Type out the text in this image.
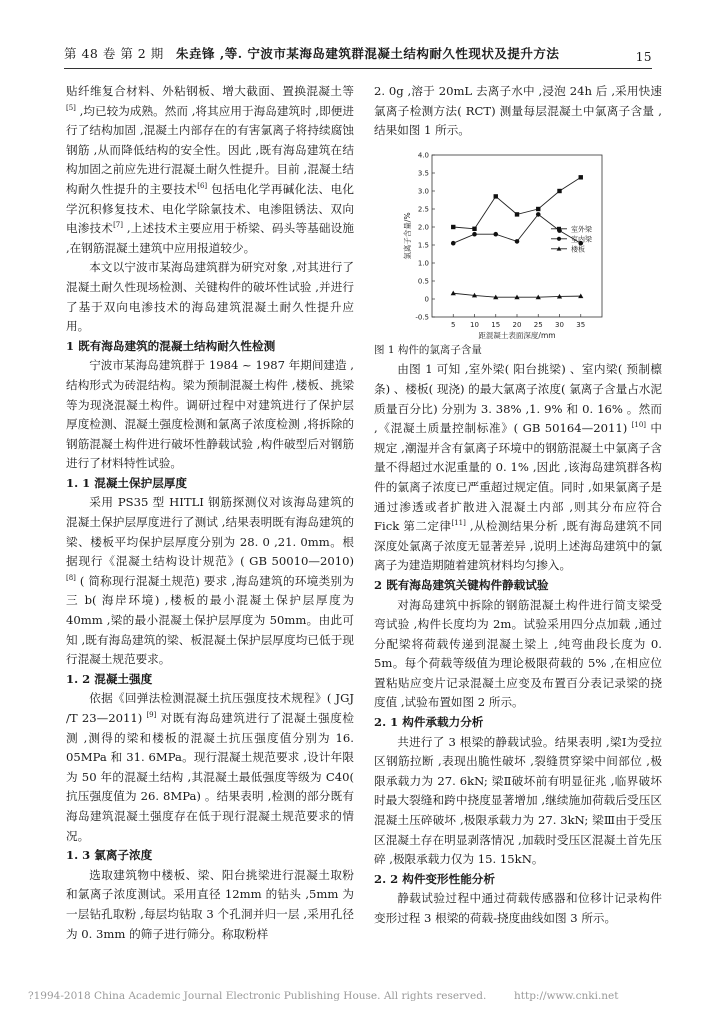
第 48 卷 第 2 期 朱垚锋 ,等. 宁波市某海岛建筑群混凝土结构耐久性现状及提升方法	15

贴纤维复合材料、外粘钢板、增大截面、置换混凝土等[5] ,均已较为成熟。然而 ,将其应用于海岛建筑时 ,即便进行了结构加固 ,混凝土内部存在的有害氯离子将持续腐蚀钢筋 ,从而降低结构的安全性。因此 ,既有海岛建筑在结构加固之前应先进行混凝土耐久性提升。目前 ,混凝土结构耐久性提升的主要技术[6] 包括电化学再碱化法、电化学沉积修复技术、电化学除氯技术、电渗阻锈法、双向电渗技术[7] ,上述技术主要应用于桥梁、码头等基础设施 ,在钢筋混凝土建筑中应用报道较少。

本文以宁波市某海岛建筑群为研究对象 ,对其进行了混凝土耐久性现场检测、关键构件的破坏性试验 ,并进行了基于双向电渗技术的海岛建筑混凝土耐久性提升应用。

1 既有海岛建筑的混凝土结构耐久性检测

宁波市某海岛建筑群于 1984 ~ 1987 年期间建造 ,结构形式为砖混结构。梁为预制混凝土构件 ,楼板、挑梁等为现浇混凝土构件。调研过程中对建筑进行了保护层厚度检测、混凝土强度检测和氯离子浓度检测 ,将拆除的钢筋混凝土构件进行破坏性静载试验 ,构件破型后对钢筋进行了材料特性试验。

1. 1 混凝土保护层厚度

采用 PS35 型 HITLI 钢筋探测仪对该海岛建筑的混凝土保护层厚度进行了测试 ,结果表明既有海岛建筑的梁、楼板平均保护层厚度分别为 28. 0 ,21. 0mm。根据现行《混凝土结构设计规范》( GB 50010—2010) [8] ( 简称现行混凝土规范) 要求 ,海岛建筑的环境类别为三 b( 海岸环境) ,楼板的最小混凝土保护层厚度为 40mm ,梁的最小混凝土保护层厚度为 50mm。由此可知 ,既有海岛建筑的梁、板混凝土保护层厚度均已低于现行混凝土规范要求。

1. 2 混凝土强度

依据《回弹法检测混凝土抗压强度技术规程》( JGJ /T 23—2011) [9] 对既有海岛建筑进行了混凝土强度检测 ,测得的梁和楼板的混凝土抗压强度值分别为 16. 05MPa 和 31. 6MPa。现行混凝土规范要求 ,设计年限为 50 年的混凝土结构 ,其混凝土最低强度等级为 C40( 抗压强度值为 26. 8MPa) 。结果表明 ,检测的部分既有海岛建筑混凝土强度存在低于现行混凝土规范要求的情况。

1. 3 氯离子浓度

选取建筑物中楼板、梁、阳台挑梁进行混凝土取粉和氯离子浓度测试。采用直径 12mm 的钻头 ,5mm 为一层钻孔取粉 ,每层均钻取 3 个孔洞并归一层 ,采用孔径为 0. 3mm 的筛子进行筛分。称取粉样

2. 0g ,溶于 20mL 去离子水中 ,浸泡 24h 后 ,采用快速氯离子检测方法( RCT) 测量每层混凝土中氯离子含量 ,结果如图 1 所示。

-0.5
0
0.5
1.0
1.5
2.0
2.5
3.0
3.5
4.0
5 10 15 20 25 30 35
距混凝土表面深度/mm
氯离子含量/%	室外梁
室内梁
楼板

图 1 构件的氯离子含量

由图 1 可知 ,室外梁( 阳台挑梁) 、室内梁( 预制檩条) 、楼板( 现浇) 的最大氯离子浓度( 氯离子含量占水泥质量百分比) 分别为 3. 38% ,1. 9% 和 0. 16% 。然而 ,《混凝土质量控制标准》( GB 50164—2011) [10] 中规定 ,潮湿并含有氯离子环境中的钢筋混凝土中氯离子含量不得超过水泥重量的 0. 1% ,因此 ,该海岛建筑群各构件的氯离子浓度已严重超过规定值。同时 ,如果氯离子是通过渗透或者扩散进入混凝土内部 ,则其分布应符合 Fick 第二定律[11] ,从检测结果分析 ,既有海岛建筑不同深度处氯离子浓度无显著差异 ,说明上述海岛建筑中的氯离子为建造期随着建筑材料均匀掺入。

2 既有海岛建筑关键构件静载试验

对海岛建筑中拆除的钢筋混凝土构件进行简支梁受弯试验 ,构件长度均为 2m。试验采用四分点加载 ,通过分配梁将荷载传递到混凝土梁上 ,纯弯曲段长度为 0. 5m。每个荷载等级值为理论极限荷载的 5% ,在相应位置粘贴应变片记录混凝土应变及布置百分表记录梁的挠度值 ,试验布置如图 2 所示。

2. 1 构件承载力分析

共进行了 3 根梁的静载试验。结果表明 ,梁Ⅰ为受拉区钢筋拉断 ,表现出脆性破坏 ,裂缝贯穿梁中间部位 ,极限承载力为 27. 6kN; 梁Ⅱ破坏前有明显征兆 ,临界破坏时最大裂缝和跨中挠度显著增加 ,继续施加荷载后受压区混凝土压碎破坏 ,极限承载力为 27. 3kN; 梁Ⅲ由于受压区混凝土存在明显剥落情况 ,加载时受压区混凝土首先压碎 ,极限承载力仅为 15. 15kN。

2. 2 构件变形性能分析

静载试验过程中通过荷载传感器和位移计记录构件变形过程 3 根梁的荷载-挠度曲线如图 3 所示。

?1994-2018 China Academic Journal Electronic Publishing House. All rights reserved.	http://www.cnki.net
